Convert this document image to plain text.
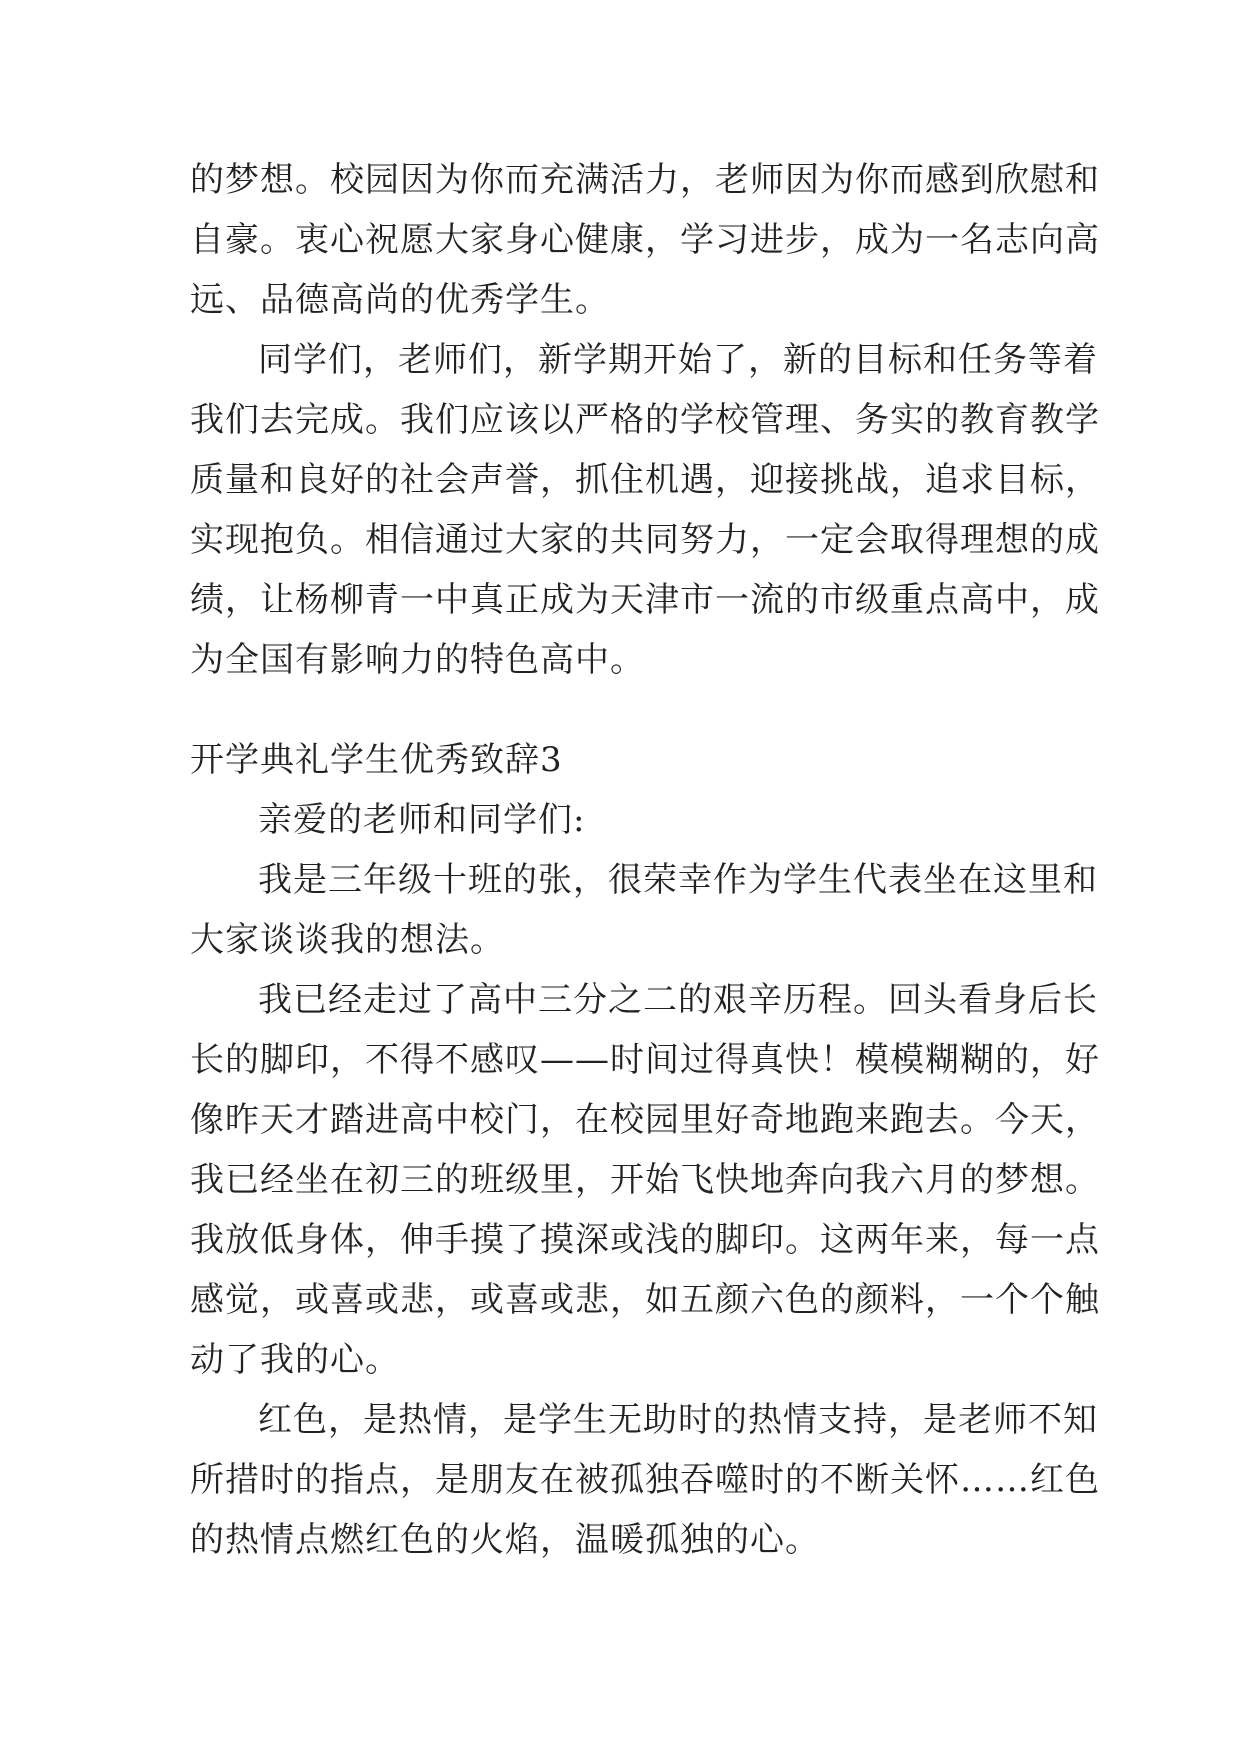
的梦想。校园因为你而充满活力，老师因为你而感到欣慰和
自豪。衷心祝愿大家身心健康，学习进步，成为一名志向高
远、品德高尚的优秀学生。
同学们，老师们，新学期开始了，新的目标和任务等着
我们去完成。我们应该以严格的学校管理、务实的教育教学
质量和良好的社会声誉，抓住机遇，迎接挑战，追求目标，
实现抱负。相信通过大家的共同努力，一定会取得理想的成
绩，让杨柳青一中真正成为天津市一流的市级重点高中，成
为全国有影响力的特色高中。
开学典礼学生优秀致辞3
亲爱的老师和同学们:
我是三年级十班的张，很荣幸作为学生代表坐在这里和
大家谈谈我的想法。
我已经走过了高中三分之二的艰辛历程。回头看身后长
长的脚印，不得不感叹——时间过得真快！模模糊糊的，好
像昨天才踏进高中校门，在校园里好奇地跑来跑去。今天，
我已经坐在初三的班级里，开始飞快地奔向我六月的梦想。
我放低身体，伸手摸了摸深或浅的脚印。这两年来，每一点
感觉，或喜或悲，或喜或悲，如五颜六色的颜料，一个个触
动了我的心。
红色，是热情，是学生无助时的热情支持，是老师不知
所措时的指点，是朋友在被孤独吞噬时的不断关怀……红色
的热情点燃红色的火焰，温暖孤独的心。
